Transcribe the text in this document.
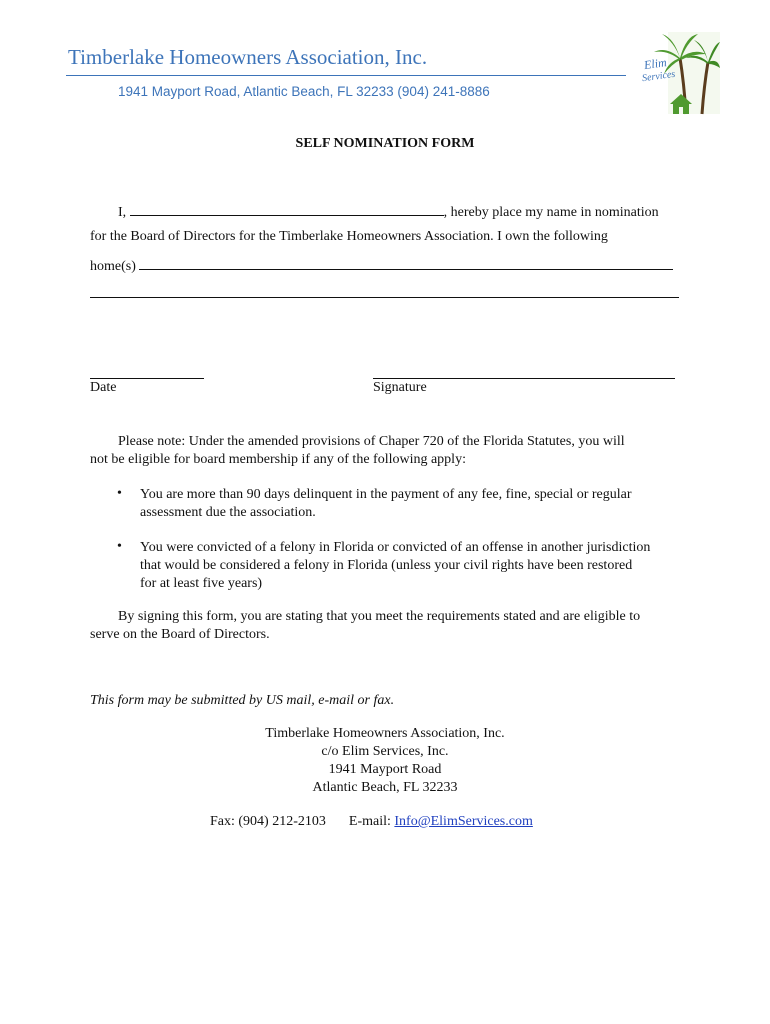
Timberlake Homeowners Association, Inc.
1941 Mayport Road, Atlantic Beach, FL 32233 (904) 241-8886
Elim
Services
SELF NOMINATION FORM
I,	, hereby place my name in nomination
for the Board of Directors for the Timberlake Homeowners Association. I own the following
home(s)
Date	Signature
Please note: Under the amended provisions of Chaper 720 of the Florida Statutes, you will
not be eligible for board membership if any of the following apply:
• You are more than 90 days delinquent in the payment of any fee, fine, special or regular
assessment due the association.
• You were convicted of a felony in Florida or convicted of an offense in another jurisdiction
that would be considered a felony in Florida (unless your civil rights have been restored
for at least five years)
By signing this form, you are stating that you meet the requirements stated and are eligible to
serve on the Board of Directors.
This form may be submitted by US mail, e-mail or fax.
Timberlake Homeowners Association, Inc.
c/o Elim Services, Inc.
1941 Mayport Road
Atlantic Beach, FL 32233
Fax: (904) 212-2103 E-mail: Info@ElimServices.com
